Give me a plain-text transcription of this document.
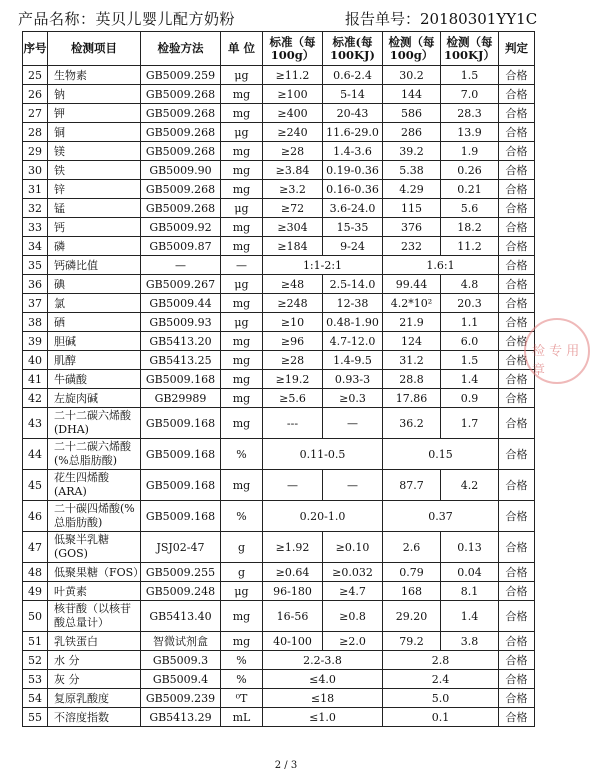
产品名称：英贝儿婴儿配方奶粉	报告单号：20180301YY1C
序号	检测项目	检验方法	单 位	标准（每100g）	标准(每100KJ)	检测（每100g）	检测（每100KJ）	判定
25	生物素	GB5009.259	μg	≥11.2	0.6-2.4	30.2	1.5	合格
26	钠	GB5009.268	mg	≥100	5-14	144	7.0	合格
27	钾	GB5009.268	mg	≥400	20-43	586	28.3	合格
28	铜	GB5009.268	μg	≥240	11.6-29.0	286	13.9	合格
29	镁	GB5009.268	mg	≥28	1.4-3.6	39.2	1.9	合格
30	铁	GB5009.90	mg	≥3.84	0.19-0.36	5.38	0.26	合格
31	锌	GB5009.268	mg	≥3.2	0.16-0.36	4.29	0.21	合格
32	锰	GB5009.268	μg	≥72	3.6-24.0	115	5.6	合格
33	钙	GB5009.92	mg	≥304	15-35	376	18.2	合格
34	磷	GB5009.87	mg	≥184	9-24	232	11.2	合格
35	钙磷比值	—	—	1:1-2:1		1.6:1		合格
36	碘	GB5009.267	μg	≥48	2.5-14.0	99.44	4.8	合格
37	氯	GB5009.44	mg	≥248	12-38	4.2*10²	20.3	合格
38	硒	GB5009.93	μg	≥10	0.48-1.90	21.9	1.1	合格
39	胆碱	GB5413.20	mg	≥96	4.7-12.0	124	6.0	合格
40	肌醇	GB5413.25	mg	≥28	1.4-9.5	31.2	1.5	合格
41	牛磺酸	GB5009.168	mg	≥19.2	0.93-3	28.8	1.4	合格
42	左旋肉碱	GB29989	mg	≥5.6	≥0.3	17.86	0.9	合格
43	二十二碳六烯酸(DHA)	GB5009.168	mg	---	—	36.2	1.7	合格
44	二十二碳六烯酸(%总脂肪酸)	GB5009.168	%	0.11-0.5		0.15		合格
45	花生四烯酸(ARA)	GB5009.168	mg	—	—	87.7	4.2	合格
46	二十碳四烯酸(%总脂肪酸)	GB5009.168	%	0.20-1.0		0.37		合格
47	低聚半乳糖(GOS)	JSJ02-47	g	≥1.92	≥0.10	2.6	0.13	合格
48	低聚果糖（FOS）	GB5009.255	g	≥0.64	≥0.032	0.79	0.04	合格
49	叶黄素	GB5009.248	μg	96-180	≥4.7	168	8.1	合格
50	核苷酸（以核苷酸总量计）	GB5413.40	mg	16-56	≥0.8	29.20	1.4	合格
51	乳铁蛋白	智微试剂盒	mg	40-100	≥2.0	79.2	3.8	合格
52	水 分	GB5009.3	%	2.2-3.8		2.8		合格
53	灰 分	GB5009.4	%	≤4.0		2.4		合格
54	复原乳酸度	GB5009.239	⁰T	≤18		5.0		合格
55	不溶度指数	GB5413.29	mL	≤1.0		0.1		合格
检 专 用 章
2 / 3
